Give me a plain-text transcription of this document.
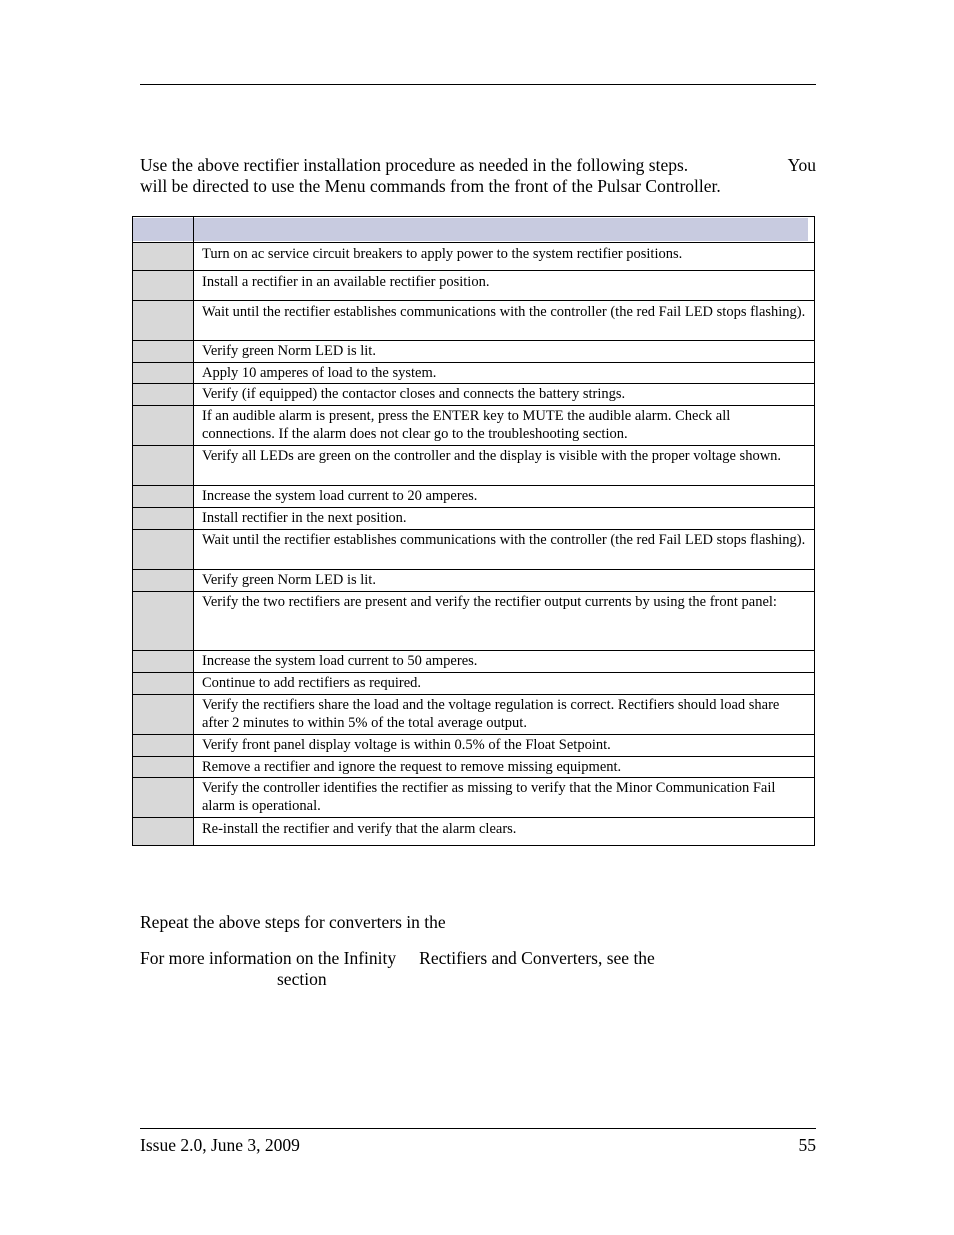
Use the above rectifier installation procedure as needed in the following steps.	You
will be directed to use the Menu commands from the front of the Pulsar Controller.

	Turn on ac service circuit breakers to apply power to the system rectifier positions.
	Install a rectifier in an available rectifier position.
	Wait until the rectifier establishes communications with the controller (the red Fail LED stops flashing).
	Verify green Norm LED is lit.
	Apply 10 amperes of load to the system.
	Verify (if equipped) the contactor closes and connects the battery strings.
	If an audible alarm is present, press the ENTER key to MUTE the audible alarm. Check all connections. If the alarm does not clear go to the troubleshooting section.
	Verify all LEDs are green on the controller and the display is visible with the proper voltage shown.
	Increase the system load current to 20 amperes.
	Install rectifier in the next position.
	Wait until the rectifier establishes communications with the controller (the red Fail LED stops flashing).
	Verify green Norm LED is lit.
	Verify the two rectifiers are present and verify the rectifier output currents by using the front panel:
	Increase the system load current to 50 amperes.
	Continue to add rectifiers as required.
	Verify the rectifiers share the load and the voltage regulation is correct. Rectifiers should load share after 2 minutes to within 5% of the total average output.
	Verify front panel display voltage is within 0.5% of the Float Setpoint.
	Remove a rectifier and ignore the request to remove missing equipment.
	Verify the controller identifies the rectifier as missing to verify that the Minor Communication Fail alarm is operational.
	Re-install the rectifier and verify that the alarm clears.
Repeat the above steps for converters in the
For more information on the Infinity Rectifiers and Converters, see the
section
Issue 2.0, June 3, 2009	55
